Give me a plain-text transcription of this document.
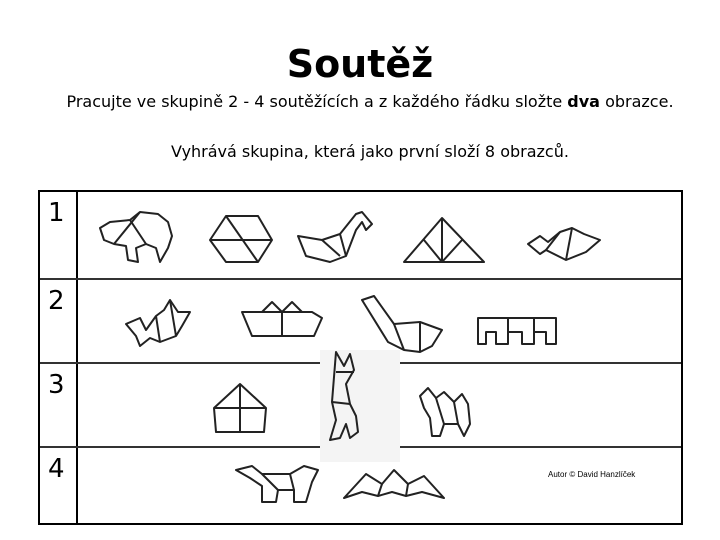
Soutěž
Pracujte ve skupině 2 - 4 soutěžících a z každého řádku složte dva obrazce.
Vyhrává skupina, která jako první složí 8 obrazců.
1
2
3
4	Autor © David Hanzlíček
